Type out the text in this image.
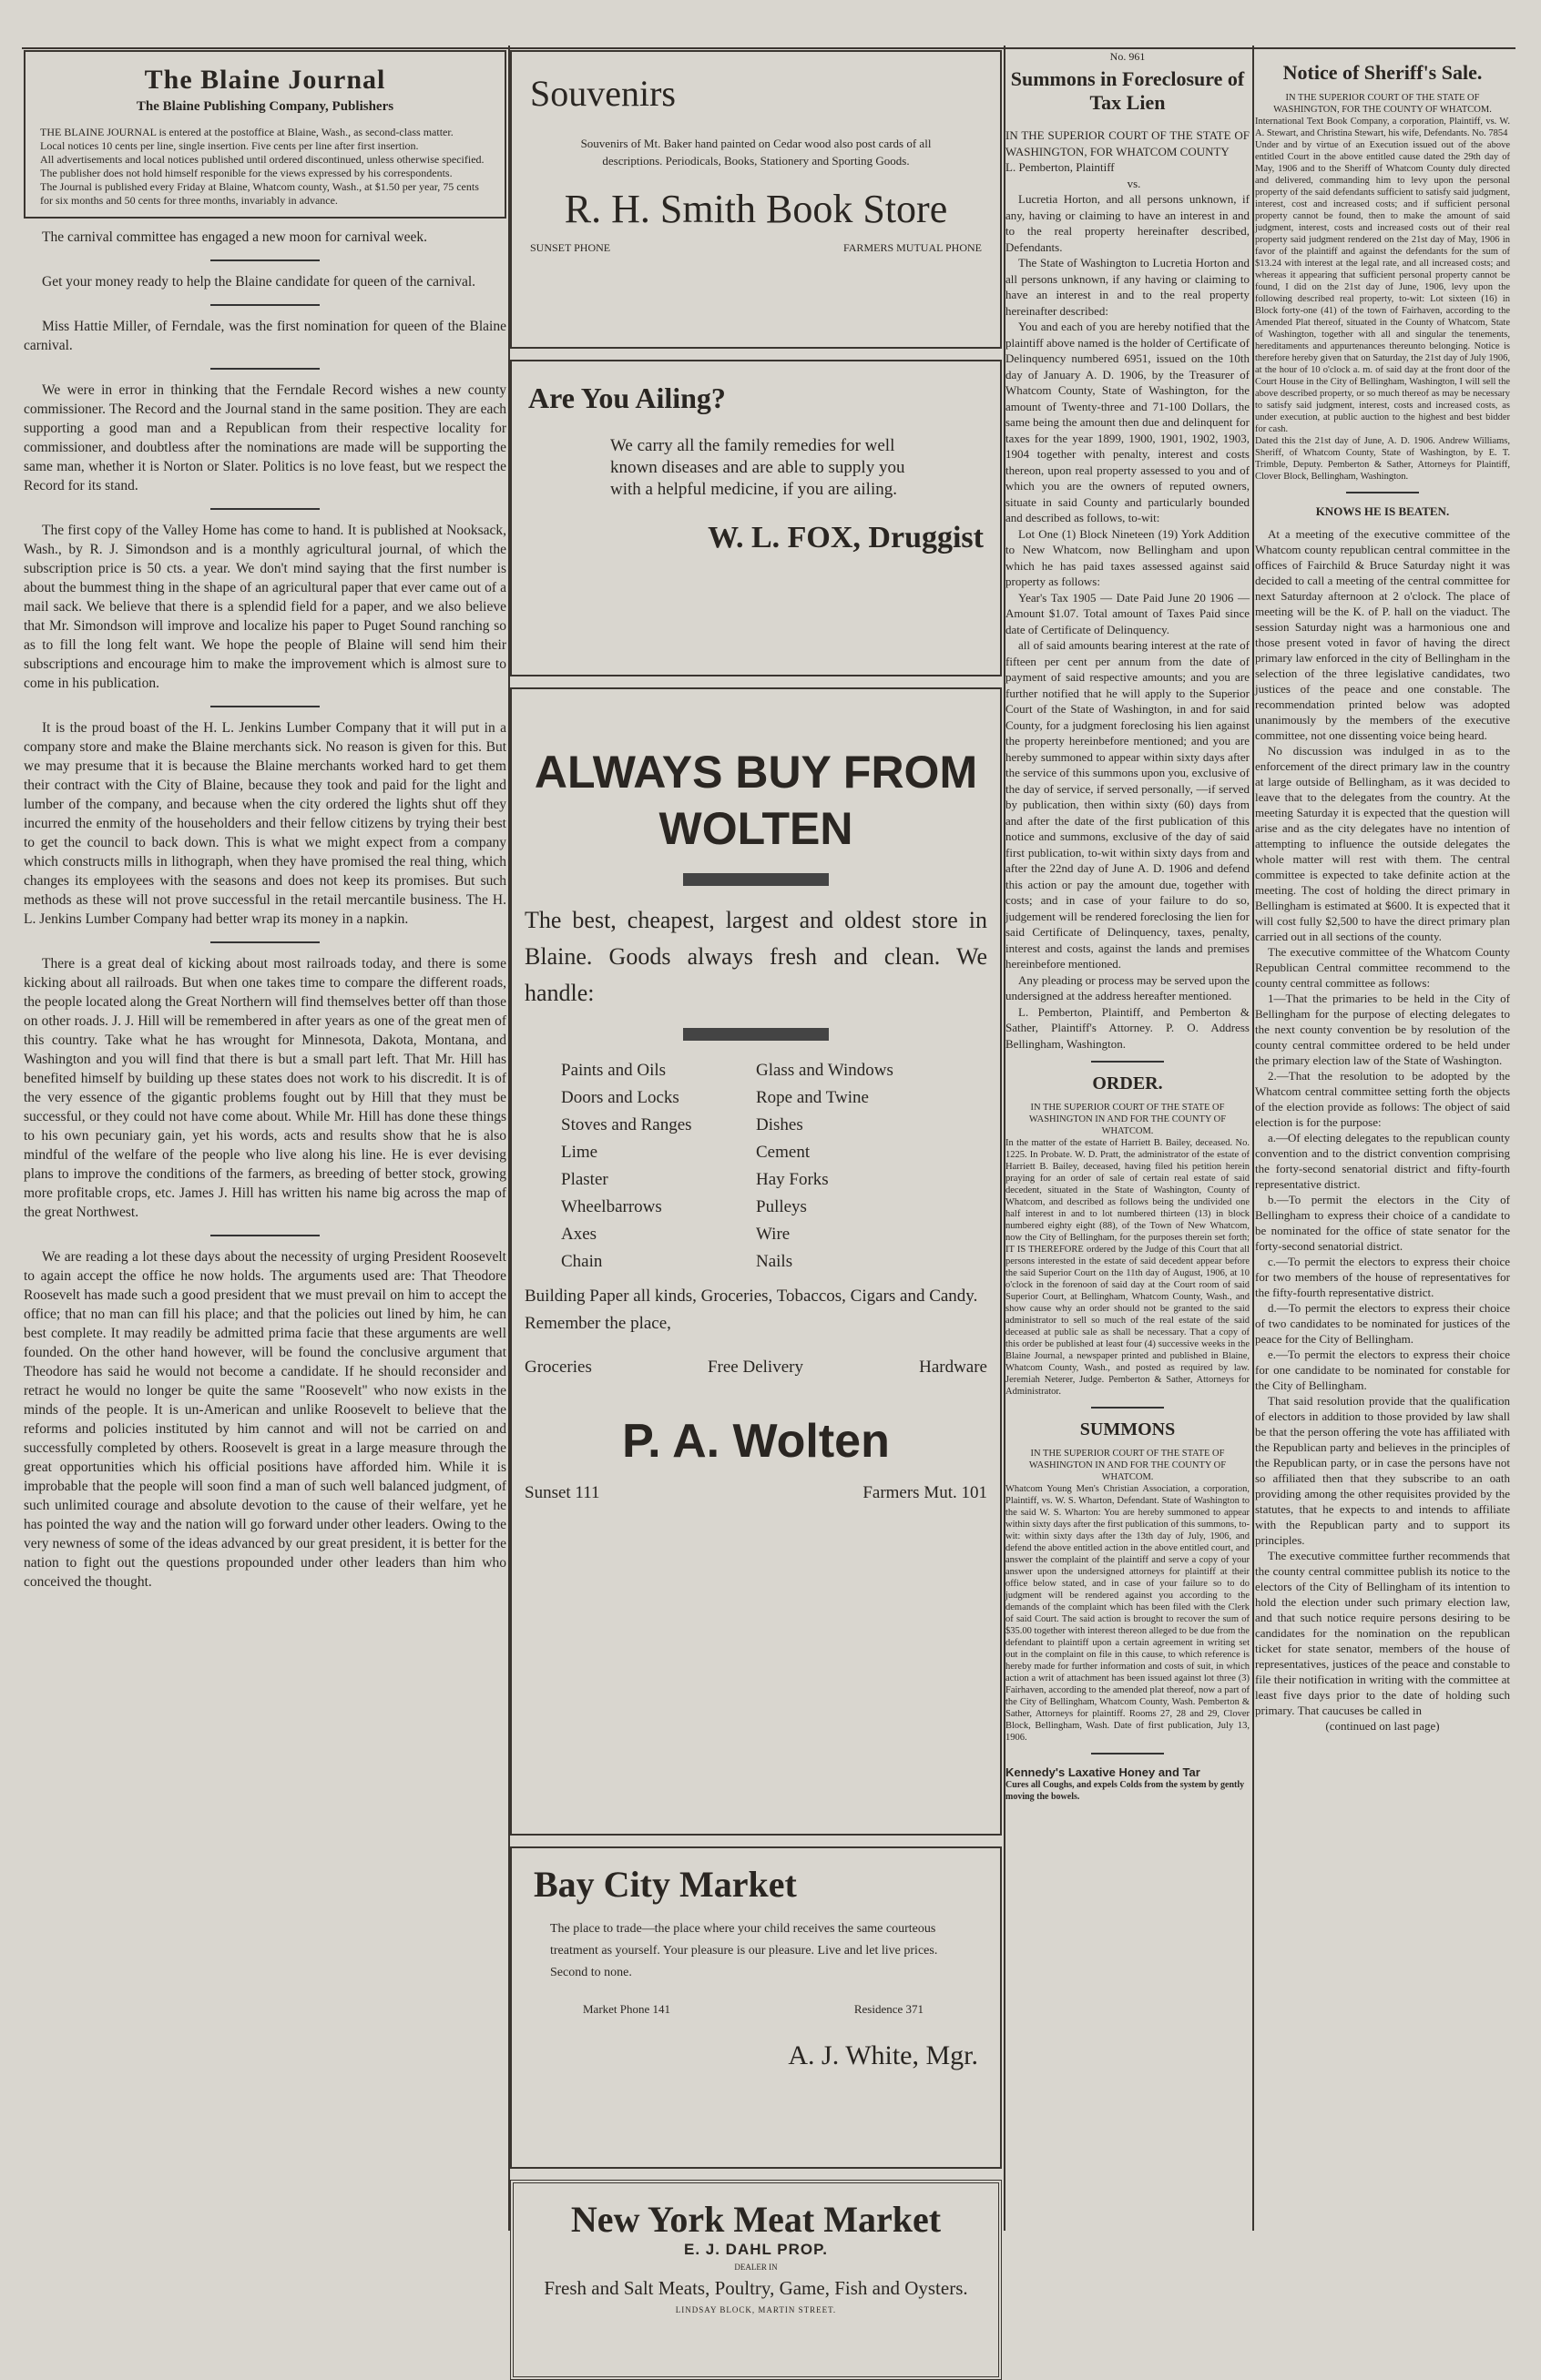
The Blaine Journal
The Blaine Publishing Company, Publishers

THE BLAINE JOURNAL is entered at the postoffice at Blaine, Wash., as second-class matter.

Local notices 10 cents per line, single insertion. Five cents per line after first insertion.

All advertisements and local notices published until ordered discontinued, unless otherwise specified.

The publisher does not hold himself responible for the views expressed by his correspondents.

The Journal is published every Friday at Blaine, Whatcom county, Wash., at $1.50 per year, 75 cents for six months and 50 cents for three months, invariably in advance.

The carnival committee has engaged a new moon for carnival week.

Get your money ready to help the Blaine candidate for queen of the carnival.

Miss Hattie Miller, of Ferndale, was the first nomination for queen of the Blaine carnival.

We were in error in thinking that the Ferndale Record wishes a new county commissioner. The Record and the Journal stand in the same position. They are each supporting a good man and a Republican from their respective locality for commissioner, and doubtless after the nominations are made will be supporting the same man, whether it is Norton or Slater. Politics is no love feast, but we respect the Record for its stand.

The first copy of the Valley Home has come to hand. It is published at Nooksack, Wash., by R. J. Simondson and is a monthly agricultural journal, of which the subscription price is 50 cts. a year. We don't mind saying that the first number is about the bummest thing in the shape of an agricultural paper that ever came out of a mail sack. We believe that there is a splendid field for a paper, and we also believe that Mr. Simondson will improve and localize his paper to Puget Sound ranching so as to fill the long felt want. We hope the people of Blaine will send him their subscriptions and encourage him to make the improvement which is almost sure to come in his publication.

It is the proud boast of the H. L. Jenkins Lumber Company that it will put in a company store and make the Blaine merchants sick. No reason is given for this. But we may presume that it is because the Blaine merchants worked hard to get them their contract with the City of Blaine, because they took and paid for the light and lumber of the company, and because when the city ordered the lights shut off they incurred the enmity of the householders and their fellow citizens by trying their best to get the council to back down. This is what we might expect from a company which constructs mills in lithograph, when they have promised the real thing, which changes its employees with the seasons and does not keep its promises. But such methods as these will not prove successful in the retail mercantile business. The H. L. Jenkins Lumber Company had better wrap its money in a napkin.

There is a great deal of kicking about most railroads today, and there is some kicking about all railroads. But when one takes time to compare the different roads, the people located along the Great Northern will find themselves better off than those on other roads. J. J. Hill will be remembered in after years as one of the great men of this country. Take what he has wrought for Minnesota, Dakota, Montana, and Washington and you will find that there is but a small part left. That Mr. Hill has benefited himself by building up these states does not work to his discredit. It is of the very essence of the gigantic problems fought out by Hill that they must be successful, or they could not have come about. While Mr. Hill has done these things to his own pecuniary gain, yet his words, acts and results show that he is also mindful of the welfare of the people who live along his line. He is ever devising plans to improve the conditions of the farmers, as breeding of better stock, growing more profitable crops, etc. James J. Hill has written his name big across the map of the great Northwest.

We are reading a lot these days about the necessity of urging President Roosevelt to again accept the office he now holds. The arguments used are: That Theodore Roosevelt has made such a good president that we must prevail on him to accept the office; that no man can fill his place; and that the policies out lined by him, he can best complete. It may readily be admitted prima facie that these arguments are well founded. On the other hand however, will be found the conclusive argument that Theodore has said he would not become a candidate. If he should reconsider and retract he would no longer be quite the same "Roosevelt" who now exists in the minds of the people. It is un-American and unlike Roosevelt to believe that the reforms and policies instituted by him cannot and will not be carried on and successfully completed by others. Roosevelt is great in a large measure through the great opportunities which his official positions have afforded him. While it is improbable that the people will soon find a man of such well balanced judgment, of such unlimited courage and absolute devotion to the cause of their welfare, yet he has pointed the way and the nation will go forward under other leaders. Owing to the very newness of some of the ideas advanced by our great president, it is better for the nation to fight out the questions propounded under other leaders than him who conceived the thought.

Souvenirs

Souvenirs of Mt. Baker hand painted on Cedar wood also post cards of all descriptions. Periodicals, Books, Stationery and Sporting Goods.

R. H. Smith Book Store
SUNSET PHONE	FARMERS MUTUAL PHONE
Are You Ailing?

We carry all the family remedies for well known diseases and are able to supply you with a helpful medicine, if you are ailing.

W. L. FOX, Druggist
ALWAYS BUY FROM WOLTEN

The best, cheapest, largest and oldest store in Blaine. Goods always fresh and clean. We handle:

Paints and Oils	Glass and Windows
Doors and Locks	Rope and Twine
Stoves and Ranges	Dishes
Lime	Cement
Plaster	Hay Forks
Wheelbarrows	Pulleys
Axes	Wire
Chain	Nails

Building Paper all kinds, Groceries, Tobaccos, Cigars and Candy. Remember the place,

Groceries	Free Delivery	Hardware
P. A. Wolten
Sunset 111	Farmers Mut. 101
Bay City Market

The place to trade—the place where your child receives the same courteous treatment as yourself. Your pleasure is our pleasure. Live and let live prices. Second to none.

Market Phone 141	Residence 371
A. J. White, Mgr.
New York Meat Market
E. J. DAHL PROP.
DEALER IN
Fresh and Salt Meats, Poultry, Game, Fish and Oysters.
LINDSAY BLOCK, MARTIN STREET.
No. 961
Summons in Foreclosure of Tax Lien

IN THE SUPERIOR COURT OF THE STATE OF WASHINGTON, FOR WHATCOM COUNTY

L. Pemberton, Plaintiff

vs.

Lucretia Horton, and all persons unknown, if any, having or claiming to have an interest in and to the real property hereinafter described, Defendants.

The State of Washington to Lucretia Horton and all persons unknown, if any having or claiming to have an interest in and to the real property hereinafter described:

You and each of you are hereby notified that the plaintiff above named is the holder of Certificate of Delinquency numbered 6951, issued on the 10th day of January A. D. 1906, by the Treasurer of Whatcom County, State of Washington, for the amount of Twenty-three and 71-100 Dollars, the same being the amount then due and delinquent for taxes for the year 1899, 1900, 1901, 1902, 1903, 1904 together with penalty, interest and costs thereon, upon real property assessed to you and of which you are the owners of reputed owners, situate in said County and particularly bounded and described as follows, to-wit:

Lot One (1) Block Nineteen (19) York Addition to New Whatcom, now Bellingham and upon which he has paid taxes assessed against said property as follows:

Year's Tax 1905 — Date Paid June 20 1906 — Amount $1.07. Total amount of Taxes Paid since date of Certificate of Delinquency.

all of said amounts bearing interest at the rate of fifteen per cent per annum from the date of payment of said respective amounts; and you are further notified that he will apply to the Superior Court of the State of Washington, in and for said County, for a judgment foreclosing his lien against the property hereinbefore mentioned; and you are hereby summoned to appear within sixty days after the service of this summons upon you, exclusive of the day of service, if served personally, —if served by publication, then within sixty (60) days from and after the date of the first publication of this notice and summons, exclusive of the day of said first publication, to-wit within sixty days from and after the 22nd day of June A. D. 1906 and defend this action or pay the amount due, together with costs; and in case of your failure to do so, judgement will be rendered foreclosing the lien for said Certificate of Delinquency, taxes, penalty, interest and costs, against the lands and premises hereinbefore mentioned.

Any pleading or process may be served upon the undersigned at the address hereafter mentioned.

L. Pemberton, Plaintiff, and Pemberton & Sather, Plaintiff's Attorney. P. O. Address Bellingham, Washington.

ORDER.

IN THE SUPERIOR COURT OF THE STATE OF WASHINGTON IN AND FOR THE COUNTY OF WHATCOM.

In the matter of the estate of Harriett B. Bailey, deceased. No. 1225. In Probate. W. D. Pratt, the administrator of the estate of Harriett B. Bailey, deceased, having filed his petition herein praying for an order of sale of certain real estate of said decedent, situated in the State of Washington, County of Whatcom, and described as follows being the undivided one half interest in and to lot numbered thirteen (13) in block numbered eighty eight (88), of the Town of New Whatcom, now the City of Bellingham, for the purposes therein set forth; IT IS THEREFORE ordered by the Judge of this Court that all persons interested in the estate of said decedent appear before the said Superior Court on the 11th day of August, 1906, at 10 o'clock in the forenoon of said day at the Court room of said Superior Court, at Bellingham, Whatcom County, Wash., and show cause why an order should not be granted to the said administrator to sell so much of the real estate of the said deceased at public sale as shall be necessary. That a copy of this order be published at least four (4) successive weeks in the Blaine Journal, a newspaper printed and published in Blaine, Whatcom County, Wash., and posted as required by law. Jeremiah Neterer, Judge. Pemberton & Sather, Attorneys for Administrator.

SUMMONS

IN THE SUPERIOR COURT OF THE STATE OF WASHINGTON IN AND FOR THE COUNTY OF WHATCOM.

Whatcom Young Men's Christian Association, a corporation, Plaintiff, vs. W. S. Wharton, Defendant. State of Washington to the said W. S. Wharton: You are hereby summoned to appear within sixty days after the first publication of this summons, to-wit: within sixty days after the 13th day of July, 1906, and defend the above entitled action in the above entitled court, and answer the complaint of the plaintiff and serve a copy of your answer upon the undersigned attorneys for plaintiff at their office below stated, and in case of your failure so to do judgment will be rendered against you according to the demands of the complaint which has been filed with the Clerk of said Court. The said action is brought to recover the sum of $35.00 together with interest thereon alleged to be due from the defendant to plaintiff upon a certain agreement in writing set out in the complaint on file in this cause, to which reference is hereby made for further information and costs of suit, in which action a writ of attachment has been issued against lot three (3) Fairhaven, according to the amended plat thereof, now a part of the City of Bellingham, Whatcom County, Wash. Pemberton & Sather, Attorneys for plaintiff. Rooms 27, 28 and 29, Clover Block, Bellingham, Wash. Date of first publication, July 13, 1906.

Kennedy's Laxative Honey and Tar

Cures all Coughs, and expels Colds from the system by gently moving the bowels.

Notice of Sheriff's Sale.

IN THE SUPERIOR COURT OF THE STATE OF WASHINGTON, FOR THE COUNTY OF WHATCOM.

International Text Book Company, a corporation, Plaintiff, vs. W. A. Stewart, and Christina Stewart, his wife, Defendants. No. 7854

Under and by virtue of an Execution issued out of the above entitled Court in the above entitled cause dated the 29th day of May, 1906 and to the Sheriff of Whatcom County duly directed and delivered, commanding him to levy upon the personal property of the said defendants sufficient to satisfy said judgment, interest, cost and increased costs; and if sufficient personal property cannot be found, then to make the amount of said judgment, interest, costs and increased costs out of their real property said judgment rendered on the 21st day of May, 1906 in favor of the plaintiff and against the defendants for the sum of $13.24 with interest at the legal rate, and all increased costs; and whereas it appearing that sufficient personal property cannot be found, I did on the 21st day of June, 1906, levy upon the following described real property, to-wit: Lot sixteen (16) in Block forty-one (41) of the town of Fairhaven, according to the Amended Plat thereof, situated in the County of Whatcom, State of Washington, together with all and singular the tenements, hereditaments and appurtenances thereunto belonging. Notice is therefore hereby given that on Saturday, the 21st day of July 1906, at the hour of 10 o'clock a. m. of said day at the front door of the Court House in the City of Bellingham, Washington, I will sell the above described property, or so much thereof as may be necessary to satisfy said judgment, interest, costs and increased costs, as under execution, at public auction to the highest and best bidder for cash.

Dated this the 21st day of June, A. D. 1906. Andrew Williams, Sheriff, of Whatcom County, State of Washington, by E. T. Trimble, Deputy. Pemberton & Sather, Attorneys for Plaintiff, Clover Block, Bellingham, Washington.

KNOWS HE IS BEATEN.

At a meeting of the executive committee of the Whatcom county republican central committee in the offices of Fairchild & Bruce Saturday night it was decided to call a meeting of the central committee for next Saturday afternoon at 2 o'clock. The place of meeting will be the K. of P. hall on the viaduct. The session Saturday night was a harmonious one and those present voted in favor of having the direct primary law enforced in the city of Bellingham in the selection of the three legislative candidates, two justices of the peace and one constable. The recommendation printed below was adopted unanimously by the members of the executive committee, not one dissenting voice being heard.

No discussion was indulged in as to the enforcement of the direct primary law in the country at large outside of Bellingham, as it was decided to leave that to the delegates from the country. At the meeting Saturday it is expected that the question will arise and as the city delegates have no intention of attempting to influence the outside delegates the whole matter will rest with them. The central committee is expected to take definite action at the meeting. The cost of holding the direct primary in Bellingham is estimated at $600. It is expected that it will cost fully $2,500 to have the direct primary plan carried out in all sections of the county.

The executive committee of the Whatcom County Republican Central committee recommend to the county central committee as follows:

1—That the primaries to be held in the City of Bellingham for the purpose of electing delegates to the next county convention be by resolution of the county central committee ordered to be held under the primary election law of the State of Washington.

2.—That the resolution to be adopted by the Whatcom central committee setting forth the objects of the election provide as follows: The object of said election is for the purpose:

a.—Of electing delegates to the republican county convention and to the district convention comprising the forty-second senatorial district and fifty-fourth representative district.

b.—To permit the electors in the City of Bellingham to express their choice of a candidate to be nominated for the office of state senator for the forty-second senatorial district.

c.—To permit the electors to express their choice for two members of the house of representatives for the fifty-fourth representative district.

d.—To permit the electors to express their choice of two candidates to be nominated for justices of the peace for the City of Bellingham.

e.—To permit the electors to express their choice for one candidate to be nominated for constable for the City of Bellingham.

That said resolution provide that the qualification of electors in addition to those provided by law shall be that the person offering the vote has affiliated with the Republican party and believes in the principles of the Republican party, or in case the persons have not so affiliated then that they subscribe to an oath providing among the other requisites provided by the statutes, that he expects to and intends to affiliate with the Republican party and to support its principles.

The executive committee further recommends that the county central committee publish its notice to the electors of the City of Bellingham of its intention to hold the election under such primary election law, and that such notice require persons desiring to be candidates for the nomination on the republican ticket for state senator, members of the house of representatives, justices of the peace and constable to file their notification in writing with the committee at least five days prior to the date of holding such primary. That caucuses be called in

(continued on last page)
